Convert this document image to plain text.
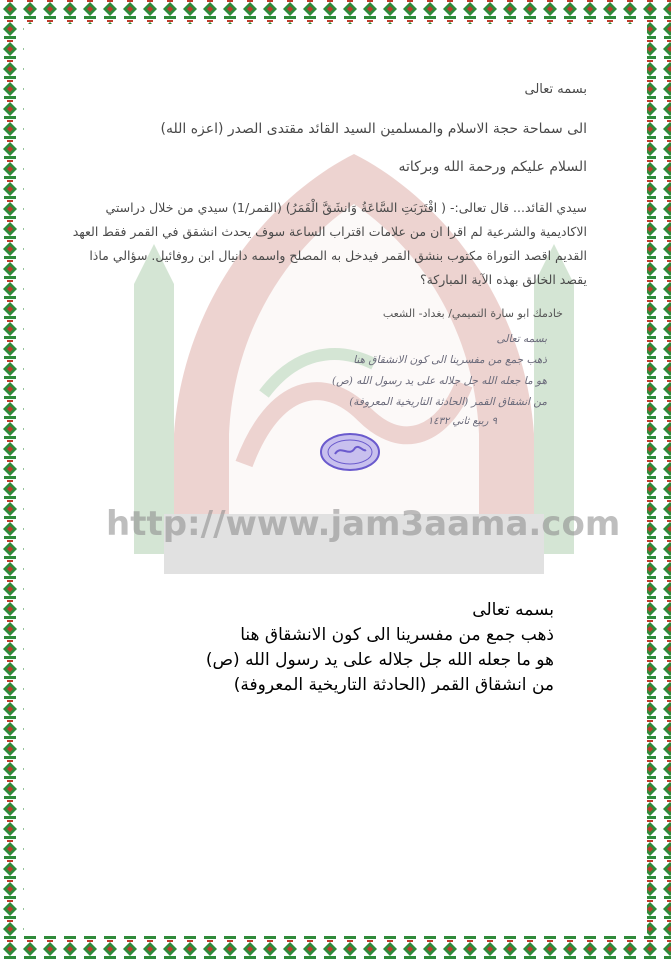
http://www.jam3aama.com
بسمه تعالى
الى سماحة حجة الاسلام والمسلمين السيد القائد مقتدى الصدر (اعزه الله)
السلام عليكم ورحمة الله وبركاته
سيدي القائد... قال تعالى:- ( اقْتَرَبَتِ السَّاعَةُ وَانشَقَّ الْقَمَرُ) (القمر/1) سيدي من خلال دراستي الاكاديمية والشرعية لم اقرا ان من علامات اقتراب الساعة سوف يحدث انشقق في القمر فقط العهد القديم اقصد التوراة مكتوب بنشق القمر فيدخل به المصلح واسمه دانيال ابن روفائيل. سؤالي ماذا يقصد الخالق بهذه الآية المباركة؟
خادمك ابو سارة التميمي/ بغداد- الشعب
بسمه تعالى
ذهب جمع من مفسرينا الى كون الانشقاق هنا
هو ما جعله الله جل جلاله على يد رسول الله (ص)
من انشقاق القمر (الحادثة التاريخية المعروفة)
٩ ربيع ثاني ١٤٣٢
بسمه تعالى
ذهب جمع من مفسرينا الى كون الانشقاق هنا
هو ما جعله الله جل جلاله على يد رسول الله (ص)
من انشقاق القمر (الحادثة التاريخية المعروفة)
